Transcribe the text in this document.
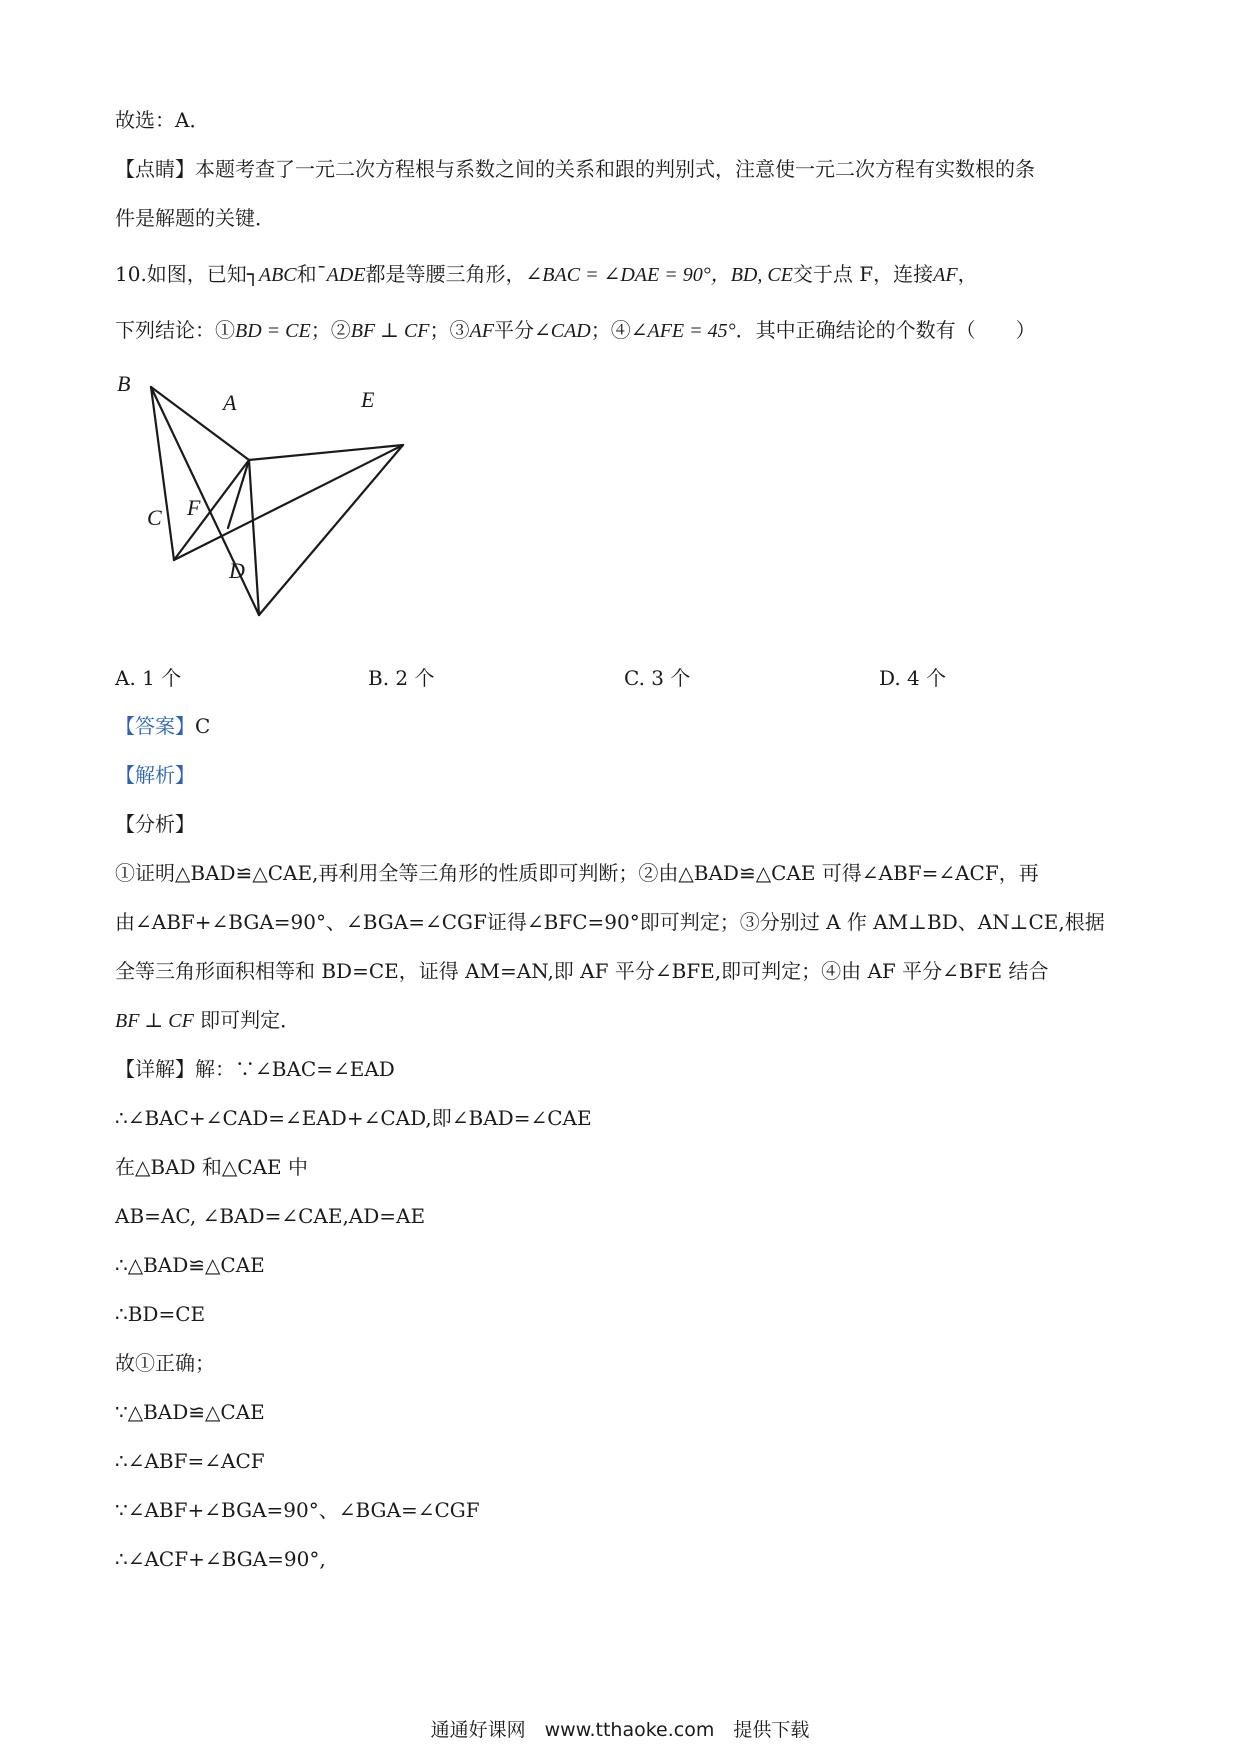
故选：A．
【点睛】本题考查了一元二次方程根与系数之间的关系和跟的判别式，注意使一元二次方程有实数根的条
件是解题的关键．
10.如图，已知┐ABC和¯ADE都是等腰三角形，∠BAC = ∠DAE = 90°，BD, CE交于点 F，连接AF，
下列结论：①BD = CE；②BF ⊥ CF；③AF平分∠CAD；④∠AFE = 45°．其中正确结论的个数有（　　）
B
A	E
F
C
D
A. 1 个	B. 2 个	C. 3 个	D. 4 个
【答案】C
【解析】
【分析】
①证明△BAD≌△CAE,再利用全等三角形的性质即可判断；②由△BAD≌△CAE 可得∠ABF=∠ACF，再
由∠ABF+∠BGA=90°、∠BGA=∠CGF证得∠BFC=90°即可判定；③分别过 A 作 AM⊥BD、AN⊥CE,根据
全等三角形面积相等和 BD=CE，证得 AM=AN,即 AF 平分∠BFE,即可判定；④由 AF 平分∠BFE 结合
BF ⊥ CF 即可判定．
【详解】解：∵∠BAC=∠EAD
∴∠BAC+∠CAD=∠EAD+∠CAD,即∠BAD=∠CAE
在△BAD 和△CAE 中
AB=AC, ∠BAD=∠CAE,AD=AE
∴△BAD≌△CAE
∴BD=CE
故①正确；
∵△BAD≌△CAE
∴∠ABF=∠ACF
∵∠ABF+∠BGA=90°、∠BGA=∠CGF
∴∠ACF+∠BGA=90°,
通通好课网　www.tthaoke.com　提供下载
